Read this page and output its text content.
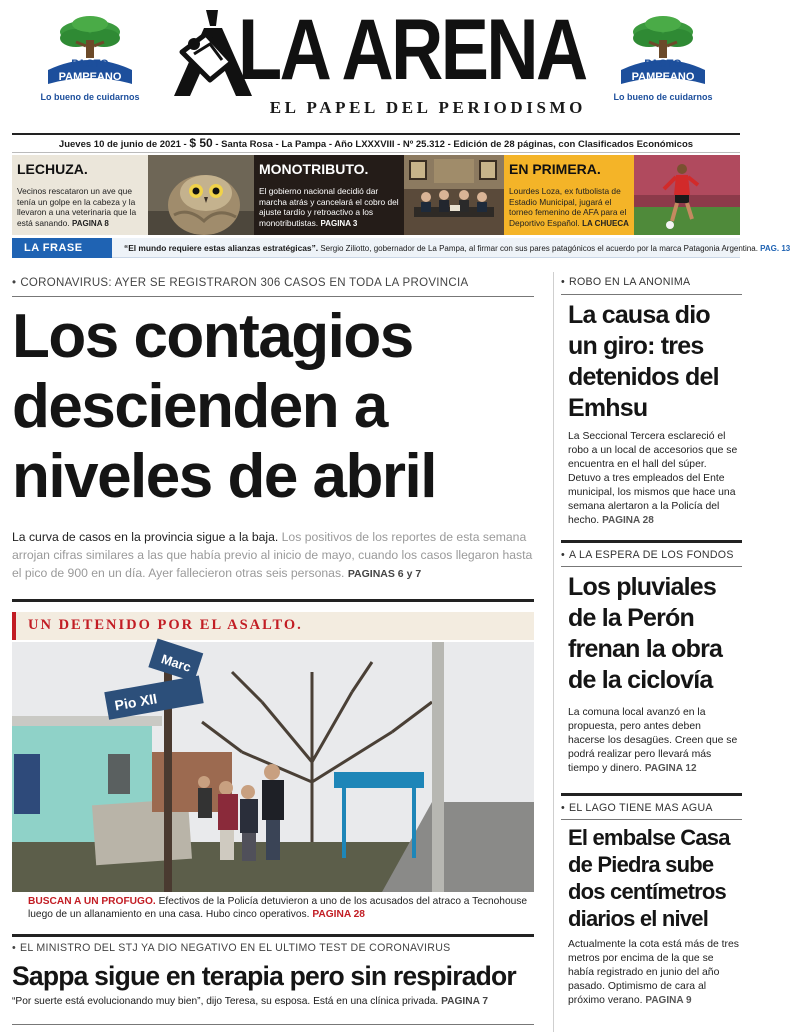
PACTO
PAMPEANO
Lo bueno de cuidarnos LA ARENA
EL PAPEL DEL PERIODISMO
PACTO
PAMPEANO
Lo bueno de cuidarnos
Jueves 10 de junio de 2021 - $ 50 - Santa Rosa - La Pampa - Año LXXXVIII - Nº 25.312 - Edición de 28 páginas, con Clasificados Económicos
LECHUZA.
Vecinos rescataron un ave que tenía un golpe en la cabeza y la llevaron a una veterinaria que la está sanando. PAGINA 8
MONOTRIBUTO.
El gobierno nacional decidió dar marcha atrás y cancelará el cobro del ajuste tardío y retroactivo a los monotributistas. PAGINA 3
EN PRIMERA.
Lourdes Loza, ex futbolista de Estadio Municipal, jugará el torneo femenino de AFA para el Deportivo Español. LA CHUECA
LA FRASE	“El mundo requiere estas alianzas estratégicas”. Sergio Ziliotto, gobernador de La Pampa, al firmar con sus pares patagónicos el acuerdo por la marca Patagonia Argentina. PAG. 13
• CORONAVIRUS: AYER SE REGISTRARON 306 CASOS EN TODA LA PROVINCIA
Los contagios descienden a niveles de abril

La curva de casos en la provincia sigue a la baja. Los positivos de los reportes de esta semana arrojan cifras similares a las que había previo al inicio de mayo, cuando los casos llegaron hasta el pico de 900 en un día. Ayer fallecieron otras seis personas. PAGINAS 6 y 7

UN DETENIDO POR EL ASALTO.
Marc
Pio XII

BUSCAN A UN PROFUGO. Efectivos de la Policía detuvieron a uno de los acusados del atraco a Tecnohouse luego de un allanamiento en una casa. Hubo cinco operativos. PAGINA 28

• EL MINISTRO DEL STJ YA DIO NEGATIVO EN EL ULTIMO TEST DE CORONAVIRUS
Sappa sigue en terapia pero sin respirador

“Por suerte está evolucionando muy bien”, dijo Teresa, su esposa. Está en una clínica privada. PAGINA 7

• ROBO EN LA ANONIMA
La causa dio un giro: tres detenidos del Emhsu

La Seccional Tercera esclareció el robo a un local de accesorios que se encuentra en el hall del súper. Detuvo a tres empleados del Ente municipal, los mismos que hace una semana alertaron a la Policía del hecho. PAGINA 28

• A LA ESPERA DE LOS FONDOS
Los pluviales de la Perón frenan la obra de la ciclovía

La comuna local avanzó en la propuesta, pero antes deben hacerse los desagües. Creen que se podrá realizar pero llevará más tiempo y dinero. PAGINA 12

• EL LAGO TIENE MAS AGUA
El embalse Casa de Piedra sube dos centímetros diarios el nivel

Actualmente la cota está más de tres metros por encima de la que se había registrado en junio del año pasado. Optimismo de cara al próximo verano. PAGINA 9
